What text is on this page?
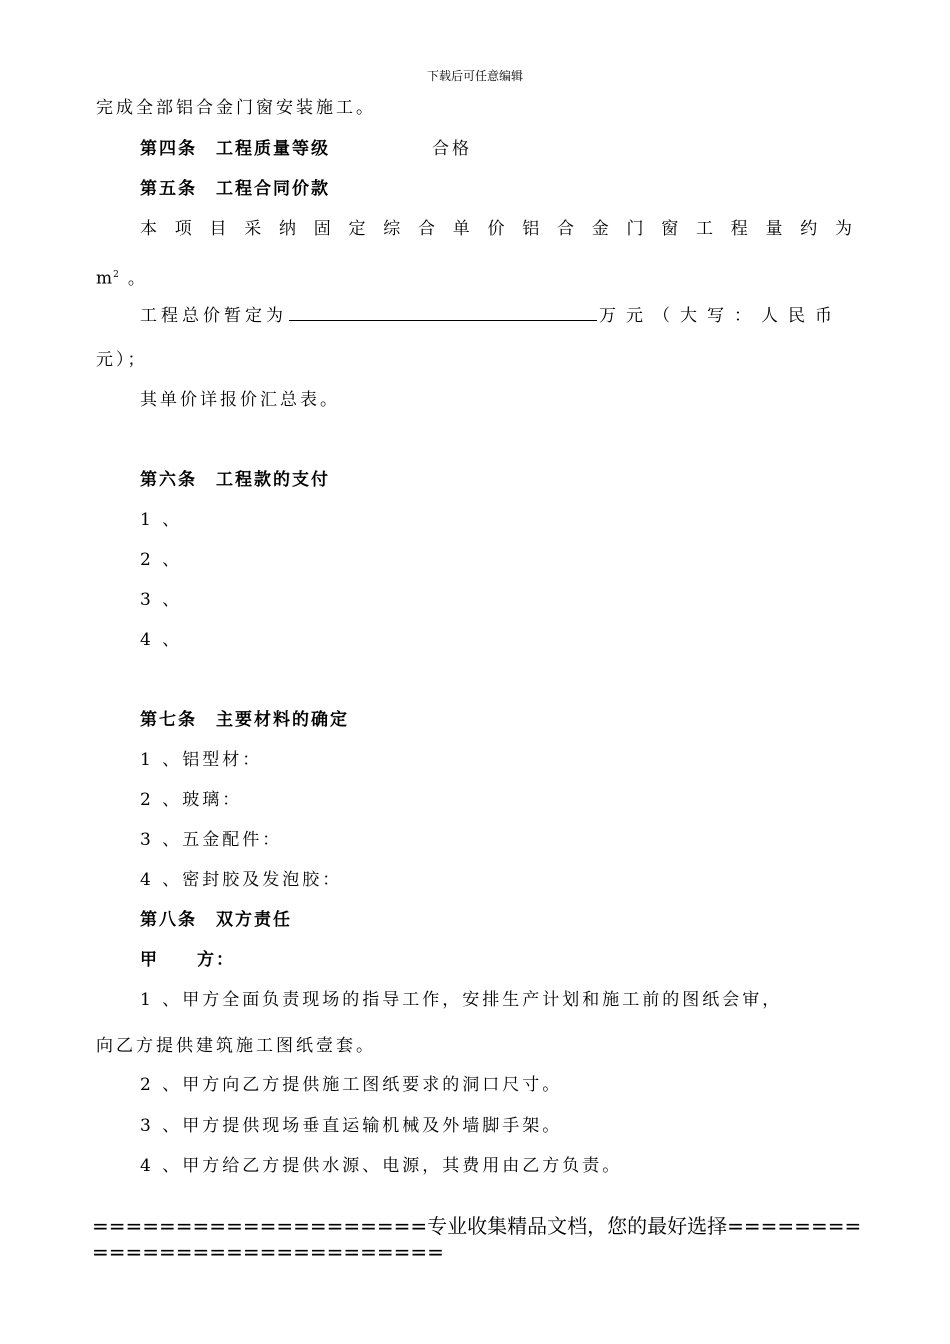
下载后可任意编辑
完成全部铝合金门窗安装施工。
第四条　工程质量等级	合格
第五条　工程合同价款
本 项 目 采 纳 固 定 综 合 单 价 铝 合 金 门 窗 工 程 量 约 为
$m^2$ 。
工程总价暂定为	万元（大写：人民币
元）；
其单价详报价汇总表。
第六条　工程款的支付
1 、
2 、
3 、
4 、
第七条　主要材料的确定
1 、铝型材：
2 、玻璃：
3 、五金配件：
4 、密封胶及发泡胶：
第八条　双方责任
甲　　方：
1 、甲方全面负责现场的指导工作，安排生产计划和施工前的图纸会审，
向乙方提供建筑施工图纸壹套。
2 、甲方向乙方提供施工图纸要求的洞口尺寸。
3 、甲方提供现场垂直运输机械及外墙脚手架。
4 、甲方给乙方提供水源、电源，其费用由乙方负责。
====================专业收集精品文档，您的最好选择=============================
